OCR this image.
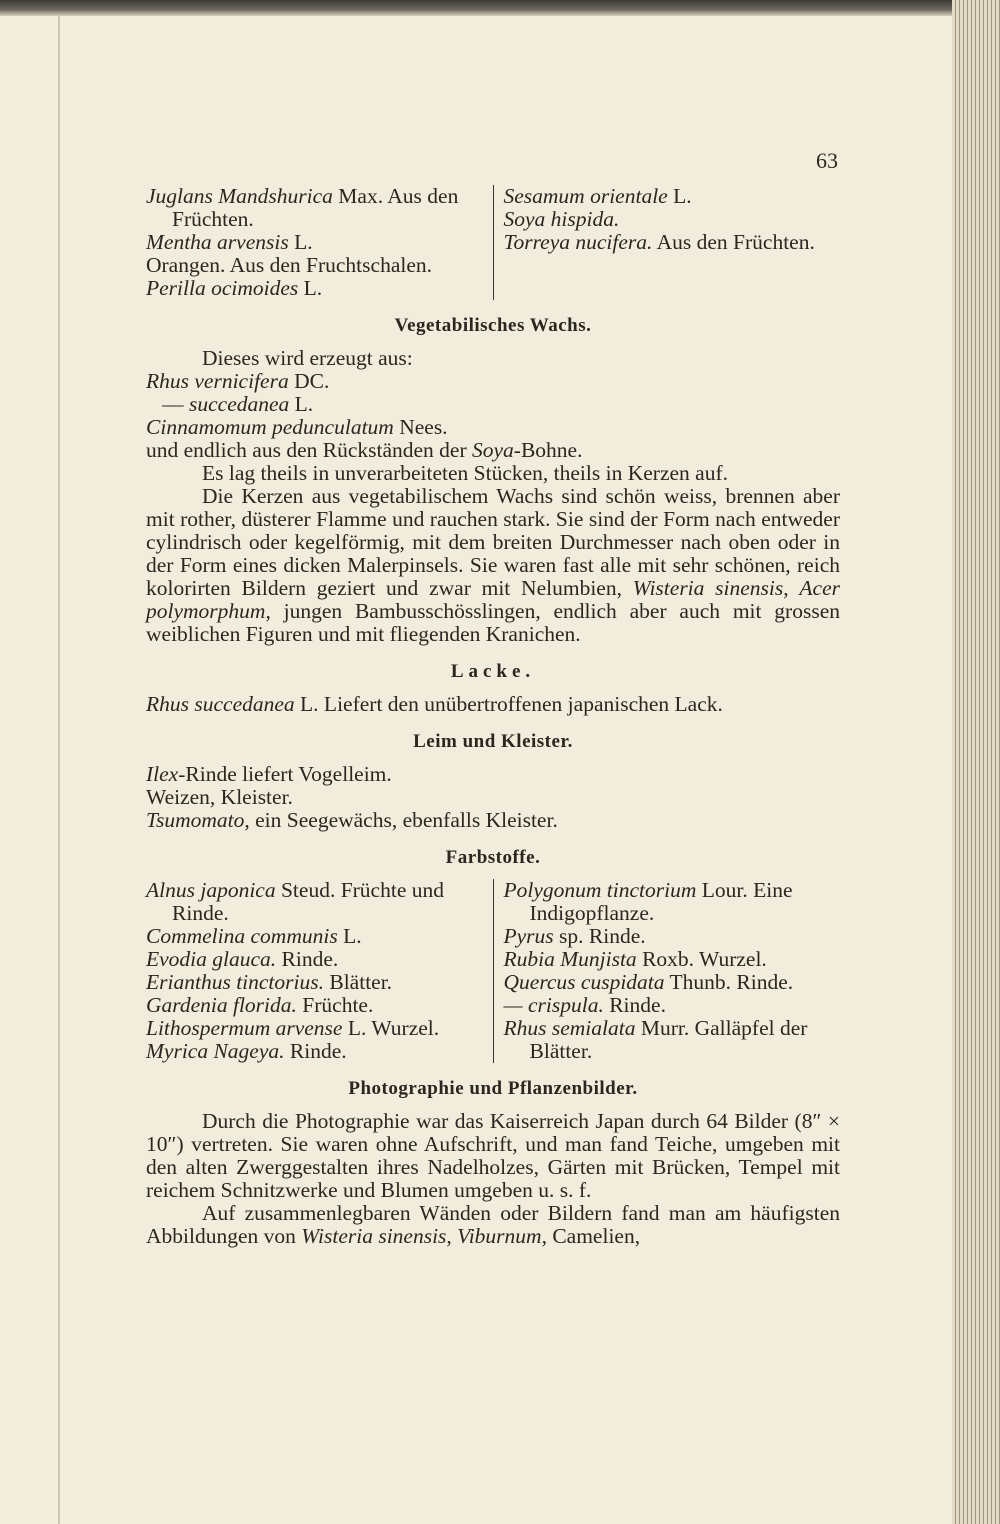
63

Juglans Mandshurica Max. Aus den Früchten.

Mentha arvensis L.

Orangen. Aus den Fruchtschalen.

Perilla ocimoides L.

Sesamum orientale L.

Soya hispida.

Torreya nucifera. Aus den Früchten.

Vegetabilisches Wachs.

Dieses wird erzeugt aus:

Rhus vernicifera DC.

— succedanea L.

Cinnamomum pedunculatum Nees.

und endlich aus den Rückständen der Soya-Bohne.

Es lag theils in unverarbeiteten Stücken, theils in Kerzen auf.

Die Kerzen aus vegetabilischem Wachs sind schön weiss, brennen aber mit rother, düsterer Flamme und rauchen stark. Sie sind der Form nach entweder cylindrisch oder kegelförmig, mit dem breiten Durchmesser nach oben oder in der Form eines dicken Malerpinsels. Sie waren fast alle mit sehr schönen, reich kolorirten Bildern geziert und zwar mit Nelumbien, Wisteria sinensis, Acer polymorphum, jungen Bambusschösslingen, endlich aber auch mit grossen weiblichen Figuren und mit fliegenden Kranichen.

Lacke.

Rhus succedanea L. Liefert den unübertroffenen japanischen Lack.

Leim und Kleister.

Ilex-Rinde liefert Vogelleim.

Weizen, Kleister.

Tsumomato, ein Seegewächs, ebenfalls Kleister.

Farbstoffe.

Alnus japonica Steud. Früchte und Rinde.

Commelina communis L.

Evodia glauca. Rinde.

Erianthus tinctorius. Blätter.

Gardenia florida. Früchte.

Lithospermum arvense L. Wurzel.

Myrica Nageya. Rinde.

Polygonum tinctorium Lour. Eine Indigopflanze.

Pyrus sp. Rinde.

Rubia Munjista Roxb. Wurzel.

Quercus cuspidata Thunb. Rinde.

— crispula. Rinde.

Rhus semialata Murr. Galläpfel der Blätter.

Photographie und Pflanzenbilder.

Durch die Photographie war das Kaiserreich Japan durch 64 Bilder (8″ × 10″) vertreten. Sie waren ohne Aufschrift, und man fand Teiche, umgeben mit den alten Zwerggestalten ihres Nadelholzes, Gärten mit Brücken, Tempel mit reichem Schnitzwerke und Blumen umgeben u. s. f.

Auf zusammenlegbaren Wänden oder Bildern fand man am häufigsten Abbildungen von Wisteria sinensis, Viburnum, Camelien,
